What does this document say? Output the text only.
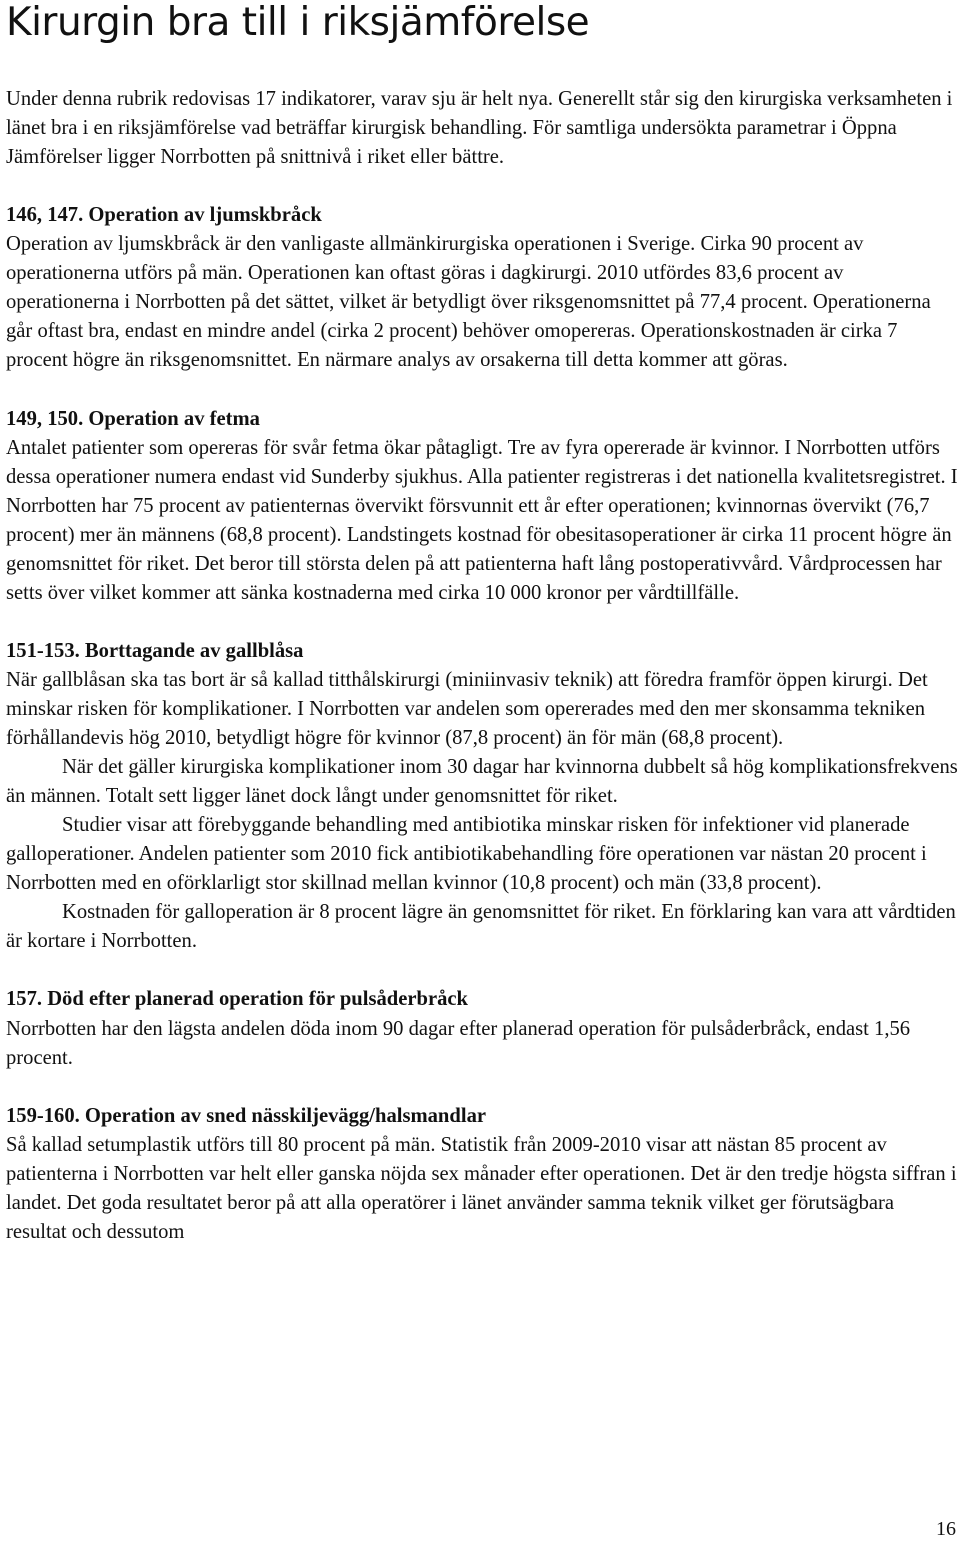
Kirurgin bra till i riksjämförelse

Under denna rubrik redovisas 17 indikatorer, varav sju är helt nya. Generellt står sig den kirurgiska verksamheten i länet bra i en riksjämförelse vad beträffar kirurgisk behandling. För samtliga undersökta parametrar i Öppna Jämförelser ligger Norrbotten på snittnivå i riket eller bättre.

146, 147. Operation av ljumskbråck

Operation av ljumskbråck är den vanligaste allmänkirurgiska operationen i Sverige. Cirka 90 procent av operationerna utförs på män. Operationen kan oftast göras i dagkirurgi. 2010 utfördes 83,6 procent av operationerna i Norrbotten på det sättet, vilket är betydligt över riksgenomsnittet på 77,4 procent. Operationerna går oftast bra, endast en mindre andel (cirka 2 procent) behöver omopereras. Operationskostnaden är cirka 7 procent högre än riksgenomsnittet. En närmare analys av orsakerna till detta kommer att göras.

149, 150. Operation av fetma

Antalet patienter som opereras för svår fetma ökar påtagligt. Tre av fyra opererade är kvinnor. I Norrbotten utförs dessa operationer numera endast vid Sunderby sjukhus. Alla patienter registreras i det nationella kvalitetsregistret. I Norrbotten har 75 procent av patienternas övervikt försvunnit ett år efter operationen; kvinnornas övervikt (76,7 procent) mer än männens (68,8 procent). Landstingets kostnad för obesitasoperationer är cirka 11 procent högre än genomsnittet för riket. Det beror till största delen på att patienterna haft lång postoperativvård. Vårdprocessen har setts över vilket kommer att sänka kostnaderna med cirka 10 000 kronor per vårdtillfälle.

151-153. Borttagande av gallblåsa

När gallblåsan ska tas bort är så kallad titthålskirurgi (miniinvasiv teknik) att föredra framför öppen kirurgi. Det minskar risken för komplikationer. I Norrbotten var andelen som opererades med den mer skonsamma tekniken förhållandevis hög 2010, betydligt högre för kvinnor (87,8 procent) än för män (68,8 procent).

När det gäller kirurgiska komplikationer inom 30 dagar har kvinnorna dubbelt så hög komplikationsfrekvens än männen. Totalt sett ligger länet dock långt under genomsnittet för riket.

Studier visar att förebyggande behandling med antibiotika minskar risken för infektioner vid planerade galloperationer. Andelen patienter som 2010 fick antibiotikabehandling före operationen var nästan 20 procent i Norrbotten med en oförklarligt stor skillnad mellan kvinnor (10,8 procent) och män (33,8 procent).

Kostnaden för galloperation är 8 procent lägre än genomsnittet för riket. En förklaring kan vara att vårdtiden är kortare i Norrbotten.

157. Död efter planerad operation för pulsåderbråck

Norrbotten har den lägsta andelen döda inom 90 dagar efter planerad operation för pulsåderbråck, endast 1,56 procent.

159-160. Operation av sned nässkiljevägg/halsmandlar

Så kallad setumplastik utförs till 80 procent på män. Statistik från 2009-2010 visar att nästan 85 procent av patienterna i Norrbotten var helt eller ganska nöjda sex månader efter operationen. Det är den tredje högsta siffran i landet. Det goda resultatet beror på att alla operatörer i länet använder samma teknik vilket ger förutsägbara resultat och dessutom

16
